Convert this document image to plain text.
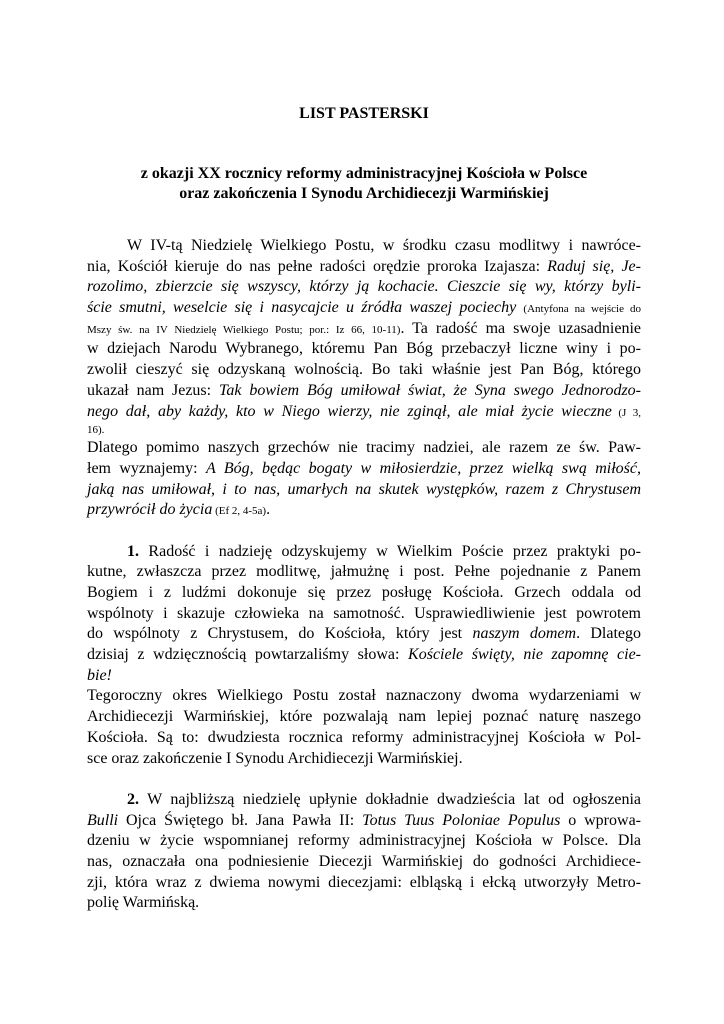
LIST PASTERSKI
z okazji XX rocznicy reformy administracyjnej Kościoła w Polsce
oraz zakończenia I Synodu Archidiecezji Warmińskiej
W IV-tą Niedzielę Wielkiego Postu, w środku czasu modlitwy i nawróce-
nia, Kościół kieruje do nas pełne radości orędzie proroka Izajasza: Raduj się, Je-
rozolimo, zbierzcie się wszyscy, którzy ją kochacie. Cieszcie się wy, którzy byli-
ście smutni, weselcie się i nasycajcie u źródła waszej pociechy (Antyfona na wejście do
Mszy św. na IV Niedzielę Wielkiego Postu; por.: Iz 66, 10-11). Ta radość ma swoje uzasadnienie
w dziejach Narodu Wybranego, któremu Pan Bóg przebaczył liczne winy i po-
zwolił cieszyć się odzyskaną wolnością. Bo taki właśnie jest Pan Bóg, którego
ukazał nam Jezus: Tak bowiem Bóg umiłował świat, że Syna swego Jednorodzo-
nego dał, aby każdy, kto w Niego wierzy, nie zginął, ale miał życie wieczne (J 3,
16).
Dlatego pomimo naszych grzechów nie tracimy nadziei, ale razem ze św. Paw-
łem wyznajemy: A Bóg, będąc bogaty w miłosierdzie, przez wielką swą miłość,
jaką nas umiłował, i to nas, umarłych na skutek występków, razem z Chrystusem
przywrócił do życia (Ef 2, 4-5a).
1. Radość i nadzieję odzyskujemy w Wielkim Poście przez praktyki po-
kutne, zwłaszcza przez modlitwę, jałmużnę i post. Pełne pojednanie z Panem
Bogiem i z ludźmi dokonuje się przez posługę Kościoła. Grzech oddala od
wspólnoty i skazuje człowieka na samotność. Usprawiedliwienie jest powrotem
do wspólnoty z Chrystusem, do Kościoła, który jest naszym domem. Dlatego
dzisiaj z wdzięcznością powtarzaliśmy słowa: Kościele święty, nie zapomnę cie-
bie!
Tegoroczny okres Wielkiego Postu został naznaczony dwoma wydarzeniami w
Archidiecezji Warmińskiej, które pozwalają nam lepiej poznać naturę naszego
Kościoła. Są to: dwudziesta rocznica reformy administracyjnej Kościoła w Pol-
sce oraz zakończenie I Synodu Archidiecezji Warmińskiej.
2. W najbliższą niedzielę upłynie dokładnie dwadzieścia lat od ogłoszenia
Bulli Ojca Świętego bł. Jana Pawła II: Totus Tuus Poloniae Populus o wprowa-
dzeniu w życie wspomnianej reformy administracyjnej Kościoła w Polsce. Dla
nas, oznaczała ona podniesienie Diecezji Warmińskiej do godności Archidiece-
zji, która wraz z dwiema nowymi diecezjami: elbląską i ełcką utworzyły Metro-
polię Warmińską.
